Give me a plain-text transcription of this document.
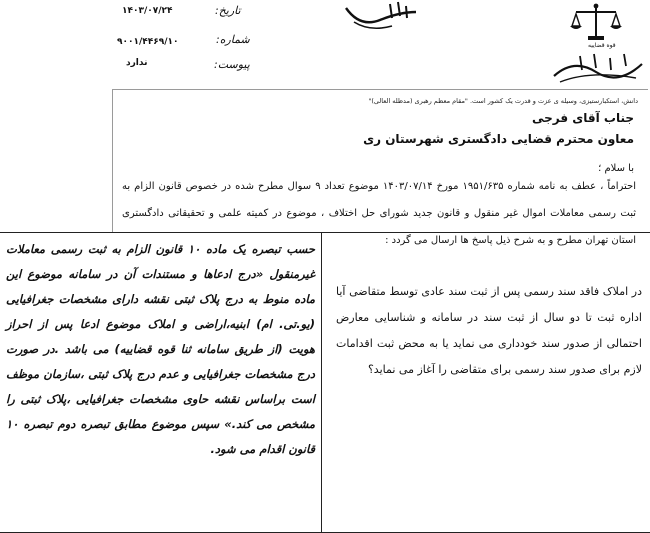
۱۴۰۳/۰۷/۲۴	تاریخ:
۹۰۰۱/۴۴۶۹/۱۰	شماره:
ندارد	پیوست:
قوه قضاییه
دانش، استکبارستیزی، وسیله ی عزت و قدرت یک کشور است. "مقام معظم رهبری (مدظله العالی)"
جناب آقای فرجی
معاون محترم قضایی دادگستری شهرستان ری
با سلام ؛
احتراماً ، عطف به نامه شماره ۱۹۵۱/۶۳۵ مورخ ۱۴۰۳/۰۷/۱۴ موضوع تعداد ۹ سوال مطرح شده در خصوص قانون الزام به ثبت رسمی معاملات اموال غیر منقول و قانون جدید شورای حل اختلاف ، موضوع در کمیته علمی و تحقیقاتی دادگستری استان تهران مطرح و به شرح ذیل پاسخ ها ارسال می گردد :
حسب تبصره یک ماده ۱۰ قانون الزام به ثبت رسمی معاملات غیرمنقول «درج ادعاها و مستندات آن در سامانه موضوع این ماده منوط به درج پلاک ثبتی نقشه دارای مشخصات جغرافیایی (یو.تی. ام) ابنیه،اراضی و املاک موضوع ادعا پس از احراز هویت (از طریق سامانه ثنا قوه قضاییه) می باشد .در صورت درج مشخصات جغرافیایی و عدم درج پلاک ثبتی ،سازمان موظف است براساس نقشه حاوی مشخصات جغرافیایی ،پلاک ثبتی را مشخص می کند.» سپس موضوع مطابق تبصره دوم تبصره ۱۰ قانون اقدام می شود.
در املاک فاقد سند رسمی پس از ثبت سند عادی توسط متقاضی آیا اداره ثبت تا دو سال از ثبت سند در سامانه و شناسایی معارض احتمالی از صدور سند خودداری می نماید یا به محض ثبت اقدامات لازم برای صدور سند رسمی برای متقاضی را آغاز می نماید؟
